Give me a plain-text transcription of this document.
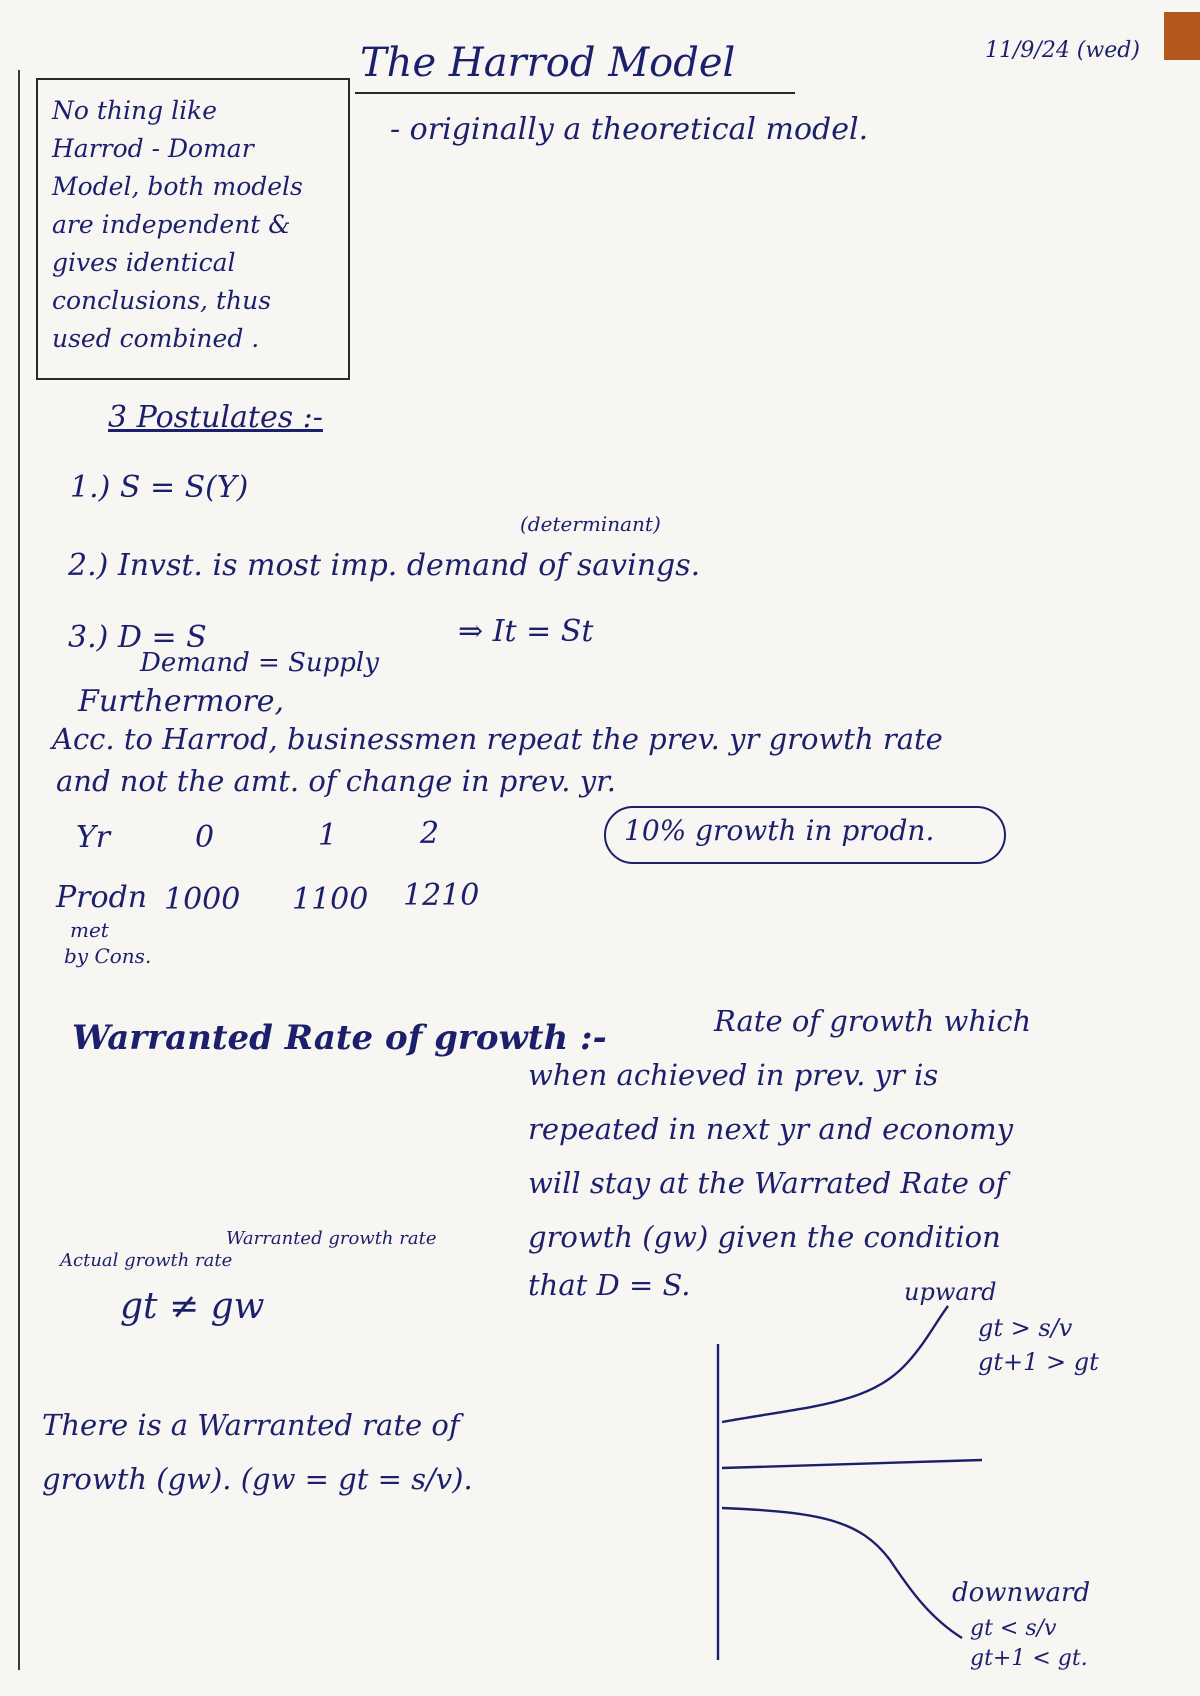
The Harrod Model	11/9/24 (wed)
No thing like
Harrod - Domar
Model, both models
are independent &
gives identical
conclusions, thus
used combined .
- originally a theoretical model.
3 Postulates :-
1.) S = S(Y)
(determinant)
2.) Invst. is most imp. demand of savings.
3.) D = S	⇒ It = St
Demand = Supply
Furthermore,
Acc. to Harrod, businessmen repeat the prev. yr growth rate
and not the amt. of change in prev. yr.
Yr	0	1	2	10% growth in prodn.
Prodn 1000 1100 1210
met
by Cons.
Warranted Rate of growth :-	Rate of growth which
when achieved in prev. yr is
repeated in next yr and economy
will stay at the Warrated Rate of
growth (gw) given the condition
that D = S.
Actual growth rate
Warranted growth rate
gt ≠ gw
There is a Warranted rate of
growth (gw). (gw = gt = s/v).
upward
gt > s/v
gt+1 > gt
downward
gt < s/v
gt+1 < gt.
